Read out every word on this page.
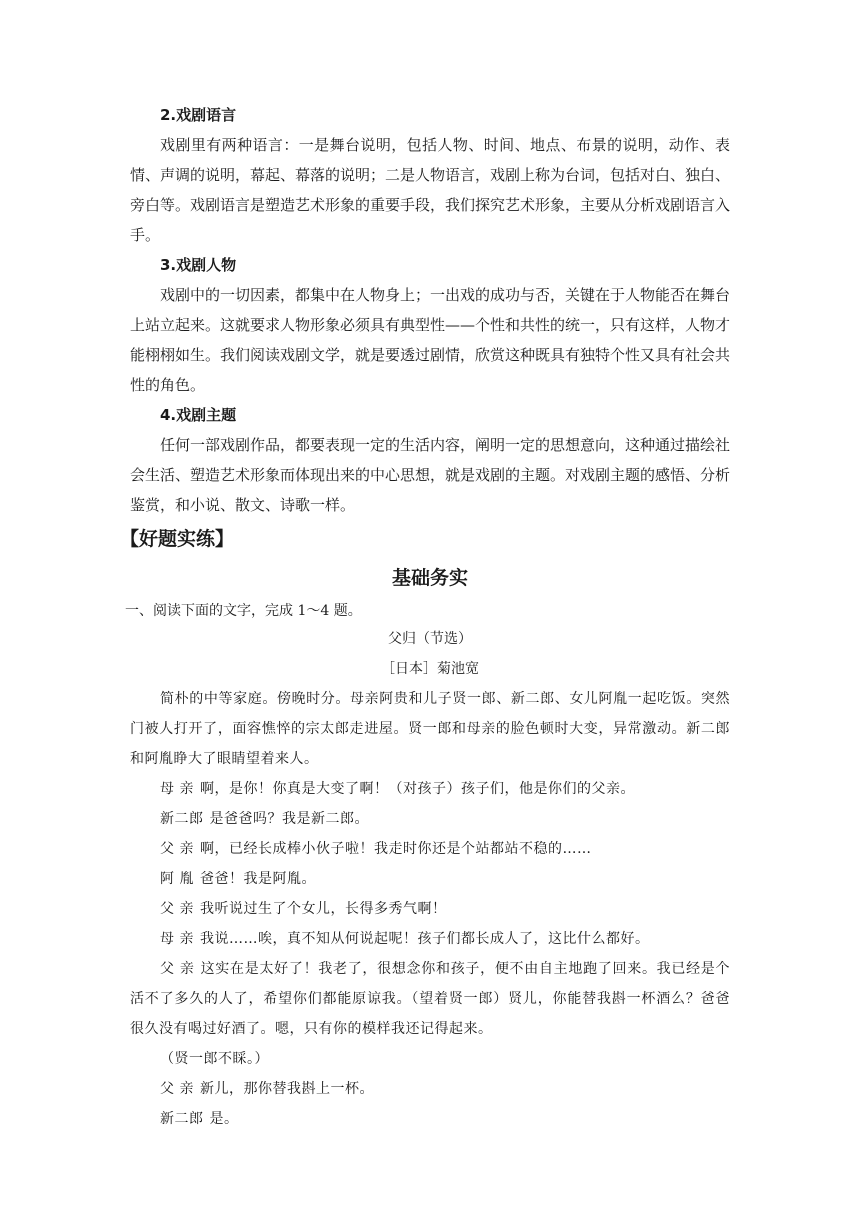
2.戏剧语言

戏剧里有两种语言：一是舞台说明，包括人物、时间、地点、布景的说明，动作、表情、声调的说明，幕起、幕落的说明；二是人物语言，戏剧上称为台词，包括对白、独白、旁白等。戏剧语言是塑造艺术形象的重要手段，我们探究艺术形象，主要从分析戏剧语言入手。

3.戏剧人物

戏剧中的一切因素，都集中在人物身上；一出戏的成功与否，关键在于人物能否在舞台上站立起来。这就要求人物形象必须具有典型性——个性和共性的统一，只有这样，人物才能栩栩如生。我们阅读戏剧文学，就是要透过剧情，欣赏这种既具有独特个性又具有社会共性的角色。

4.戏剧主题

任何一部戏剧作品，都要表现一定的生活内容，阐明一定的思想意向，这种通过描绘社会生活、塑造艺术形象而体现出来的中心思想，就是戏剧的主题。对戏剧主题的感悟、分析鉴赏，和小说、散文、诗歌一样。

【好题实练】

基础务实

一、阅读下面的文字，完成 1～4 题。

父归（节选）

［日本］菊池宽

简朴的中等家庭。傍晚时分。母亲阿贵和儿子贤一郎、新二郎、女儿阿胤一起吃饭。突然门被人打开了，面容憔悴的宗太郎走进屋。贤一郎和母亲的脸色顿时大变，异常激动。新二郎和阿胤睁大了眼睛望着来人。

母 亲 啊，是你！你真是大变了啊！（对孩子）孩子们，他是你们的父亲。

新二郎 是爸爸吗？我是新二郎。

父 亲 啊，已经长成棒小伙子啦！我走时你还是个站都站不稳的……

阿 胤 爸爸！我是阿胤。

父 亲 我听说过生了个女儿，长得多秀气啊！

母 亲 我说……唉，真不知从何说起呢！孩子们都长成人了，这比什么都好。

父 亲 这实在是太好了！我老了，很想念你和孩子，便不由自主地跑了回来。我已经是个活不了多久的人了，希望你们都能原谅我。（望着贤一郎）贤儿，你能替我斟一杯酒么？爸爸很久没有喝过好酒了。嗯，只有你的模样我还记得起来。

（贤一郎不睬。）

父 亲 新儿，那你替我斟上一杯。

新二郎 是。
